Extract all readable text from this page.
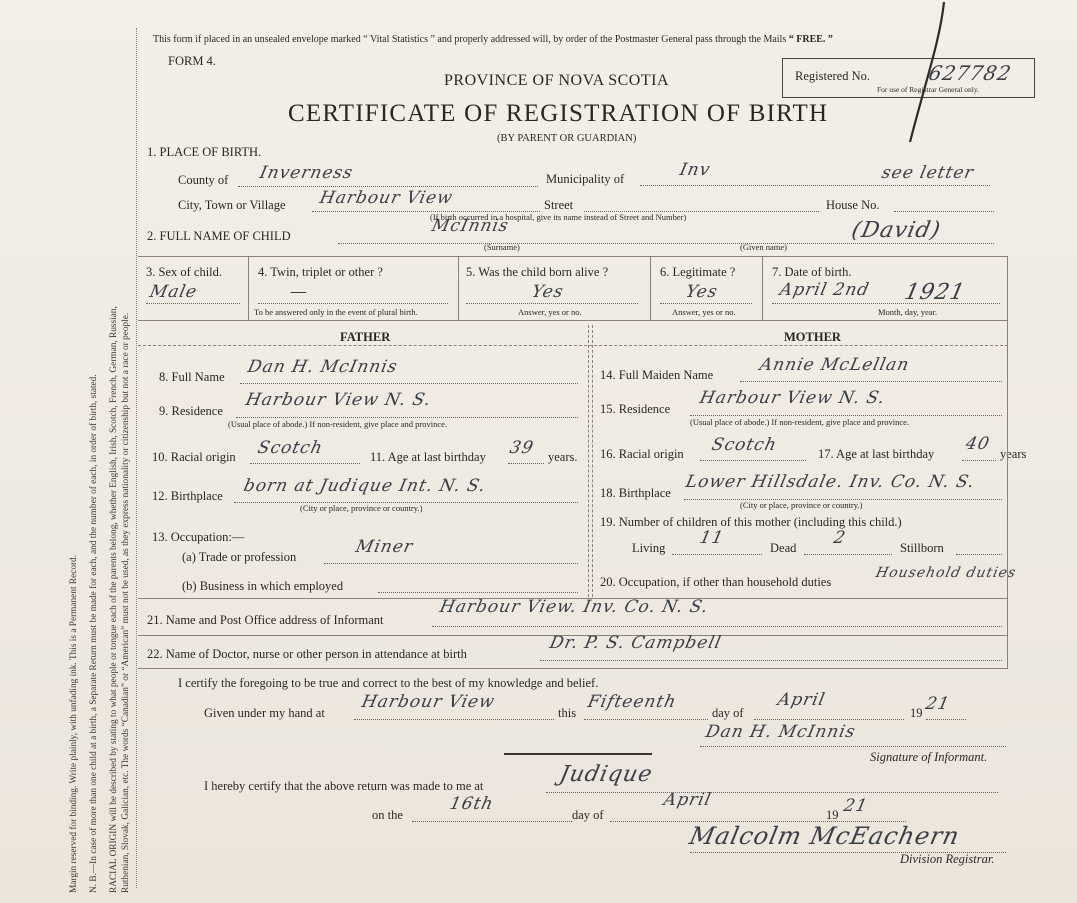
Margin reserved for binding. Write plainly, with unfading ink. This is a Permanent Record. N. B.—In case of more than one child at a birth, a Separate Return must be made for each, and the number of each, in order of birth, stated. RACIAL ORIGIN will be described by stating to what people or tongue each of the parents belong, whether English, Irish, Scotch, French, German, Russian, Ruthenian, Slovak, Galician, etc. The words “Canadian” or “American” must not be used, as they express nationality or citizenship but not a race or people.
This form if placed in an unsealed envelope marked “ Vital Statistics ” and properly addressed will, by order of the Postmaster General pass through the Mails “ FREE. ”
FORM 4.
PROVINCE OF NOVA SCOTIA
CERTIFICATE OF REGISTRATION OF BIRTH
(BY PARENT OR GUARDIAN)
Registered No.	627782
For use of Registrar General only.
1. PLACE OF BIRTH.
County of Inverness	Municipality of	Inv	see letter
City, Town or Village Harbour View	Street	House No.
(If birth occurred in a hospital, give its name instead of Street and Number)
2. FULL NAME OF CHILD	McInnis
(Surname)
(David)
(Given name)
3. Sex of child.
Male
4. Twin, triplet or other ?
—
To be answered only in the event of plural birth.
5. Was the child born alive ?
Yes
Answer, yes or no.
6. Legitimate ?
Yes
Answer, yes or no.
7. Date of birth.
April 2nd 1921
Month, day, year.
FATHER	MOTHER
8. Full Name Dan H. McInnis
9. Residence
Harbour View N. S.
(Usual place of abode.) If non-resident, give place and province.
10. Racial origin Scotch	11. Age at last birthday 39 years.
12. Birthplace born at Judique Int. N. S.
(City or place, province or country.)
13. Occupation:—
(a) Trade or profession	Miner
(b) Business in which employed
14. Full Maiden Name	Annie McLellan
15. Residence
Harbour View N. S.
(Usual place of abode.) If non-resident, give place and province.
16. Racial origin Scotch	17. Age at last birthday 40 years
18. Birthplace
Lower Hillsdale. Inv. Co. N. S.
(City or place, province or country.)
19. Number of children of this mother (including this child.)
Living 11	Dead 2	Stillborn
20. Occupation, if other than household duties
Household duties
21. Name and Post Office address of Informant
Harbour View. Inv. Co. N. S.
22. Name of Doctor, nurse or other person in attendance at birth
Dr. P. S. Campbell
I certify the foregoing to be true and correct to the best of my knowledge and belief.
Given under my hand at
Harbour View
this
Fifteenth
day of
April
19 21
Dan H. McInnis
Signature of Informant.
I hereby certify that the above return was made to me at	Judique
on the
16th
day of
April
19 21
Malcolm McEachern
Division Registrar.
